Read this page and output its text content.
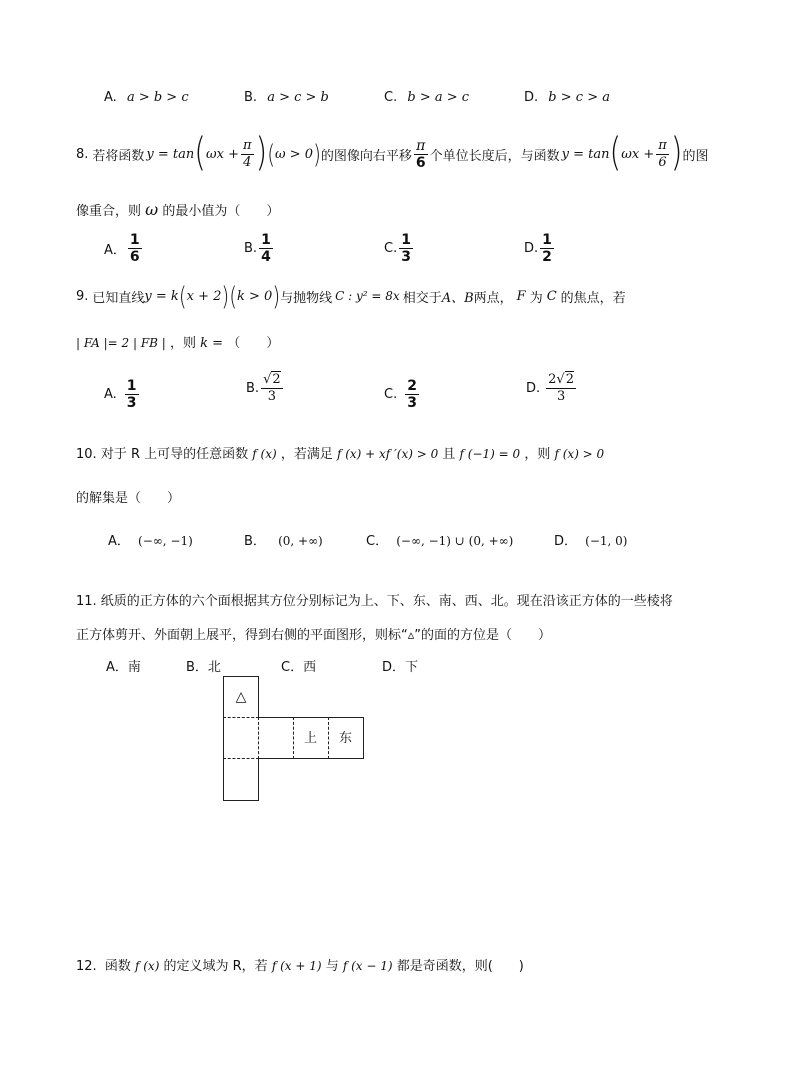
A. a > b > c	B. a > c > b	C. b > a > c	D. b > c > a
8. 若将函数 y = tan ( $\omega x + \frac{\pi}{4}$ ) ( ω > 0 ) 的图像向右平移 $\frac{\pi}{6}$ 个单位长度后，与函数 y = tan ( $\omega x + \frac{\pi}{6}$ ) 的图
像重合，则 ω 的最小值为（　　）
A． $\frac{1}{6}$	B. $\frac{1}{4}$	C. $\frac{1}{3}$	D. $\frac{1}{2}$
9. 已知直线 y = k ( x + 2 ) ( k > 0 ) 与抛物线 C : y² = 8x 相交于 A、B 两点， F 为 C 的焦点，若
| FA |= 2 | FB | ，则 k = （　　）
A. $\frac{1}{3}$	B. $\frac{√2}{3}$	C. $\frac{2}{3}$	D. $\frac{2√2}{3}$
10. 对于 R 上可导的任意函数 f (x) ，若满足 f (x) + xf ′(x) > 0 且 f (−1) = 0 ，则 f (x) > 0
的解集是（　　）
A． (−∞, −1)	B． (0, +∞)	C． (−∞, −1) ∪ (0, +∞)	D． (−1, 0)
11. 纸质的正方体的六个面根据其方位分别标记为上、下、东、南、西、北。现在沿该正方体的一些棱将
正方体剪开、外面朝上展平，得到右侧的平面图形，则标“▵”的面的方位是（　　）
A．南	B．北	C．西	D．下
△
上	东
12. 函数 f (x) 的定义域为 R，若 f (x + 1) 与 f (x − 1) 都是奇函数，则(　　)
